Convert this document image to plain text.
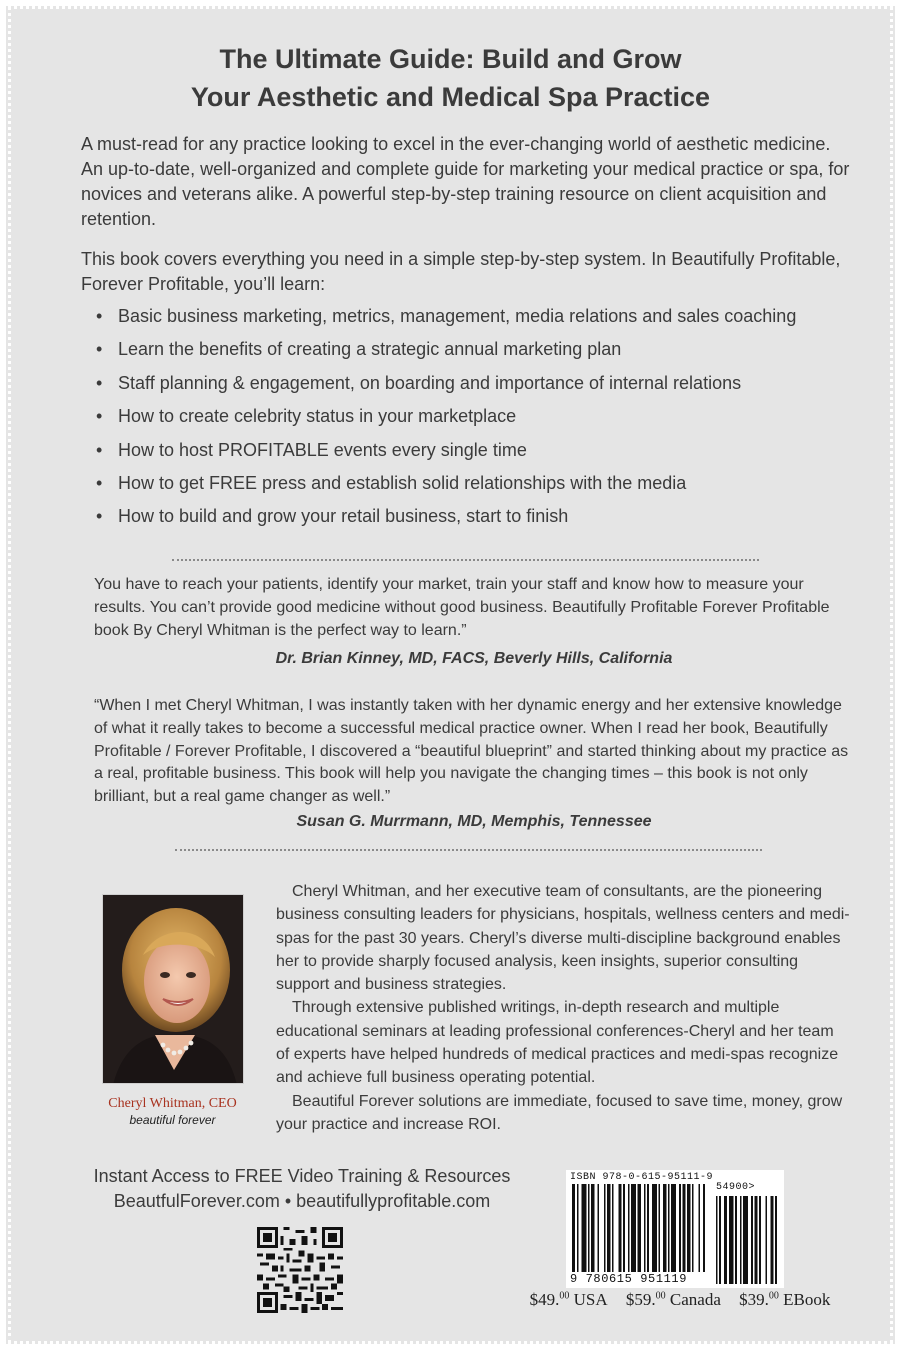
The Ultimate Guide: Build and Grow
Your Aesthetic and Medical Spa Practice

A must-read for any practice looking to excel in the ever-changing world of aesthetic medicine. An up-to-date, well-organized and complete guide for marketing your medical practice or spa, for novices and veterans alike. A powerful step-by-step training resource on client acquisition and retention.

This book covers everything you need in a simple step-by-step system. In Beautifully Profitable, Forever Profitable, you’ll learn:

• Basic business marketing, metrics, management, media relations and sales coaching
• Learn the benefits of creating a strategic annual marketing plan
• Staff planning & engagement, on boarding and importance of internal relations
• How to create celebrity status in your marketplace
• How to host PROFITABLE events every single time
• How to get FREE press and establish solid relationships with the media
• How to build and grow your retail business, start to finish

You have to reach your patients, identify your market, train your staff and know how to measure your results. You can’t provide good medicine without good business. Beautifully Profitable Forever Profitable book By Cheryl Whitman is the perfect way to learn.”

Dr. Brian Kinney, MD, FACS, Beverly Hills, California

“When I met Cheryl Whitman, I was instantly taken with her dynamic energy and her extensive knowledge of what it really takes to become a successful medical practice owner. When I read her book, Beautifully Profitable / Forever Profitable, I discovered a “beautiful blueprint” and started thinking about my practice as a real, profitable business. This book will help you navigate the changing times – this book is not only brilliant, but a real game changer as well.”

Susan G. Murrmann, MD, Memphis, Tennessee

Cheryl Whitman, CEO
beautiful forever

Cheryl Whitman, and her executive team of consultants, are the pioneering business consulting leaders for physicians, hospitals, wellness centers and medi-spas for the past 30 years. Cheryl’s diverse multi-discipline background enables her to provide sharply focused analysis, keen insights, superior consulting support and business strategies.

Through extensive published writings, in-depth research and multiple educational seminars at leading professional conferences-Cheryl and her team of experts have helped hundreds of medical practices and medi-spas recognize and achieve full business operating potential.

Beautiful Forever solutions are immediate, focused to save time, money, grow your practice and increase ROI.

Instant Access to FREE Video Training & Resources
BeautfulForever.com • beautifullyprofitable.com
ISBN 978-0-615-95111-9
54900>
9 780615 951119
$49.00 USA $59.00 Canada $39.00 EBook
